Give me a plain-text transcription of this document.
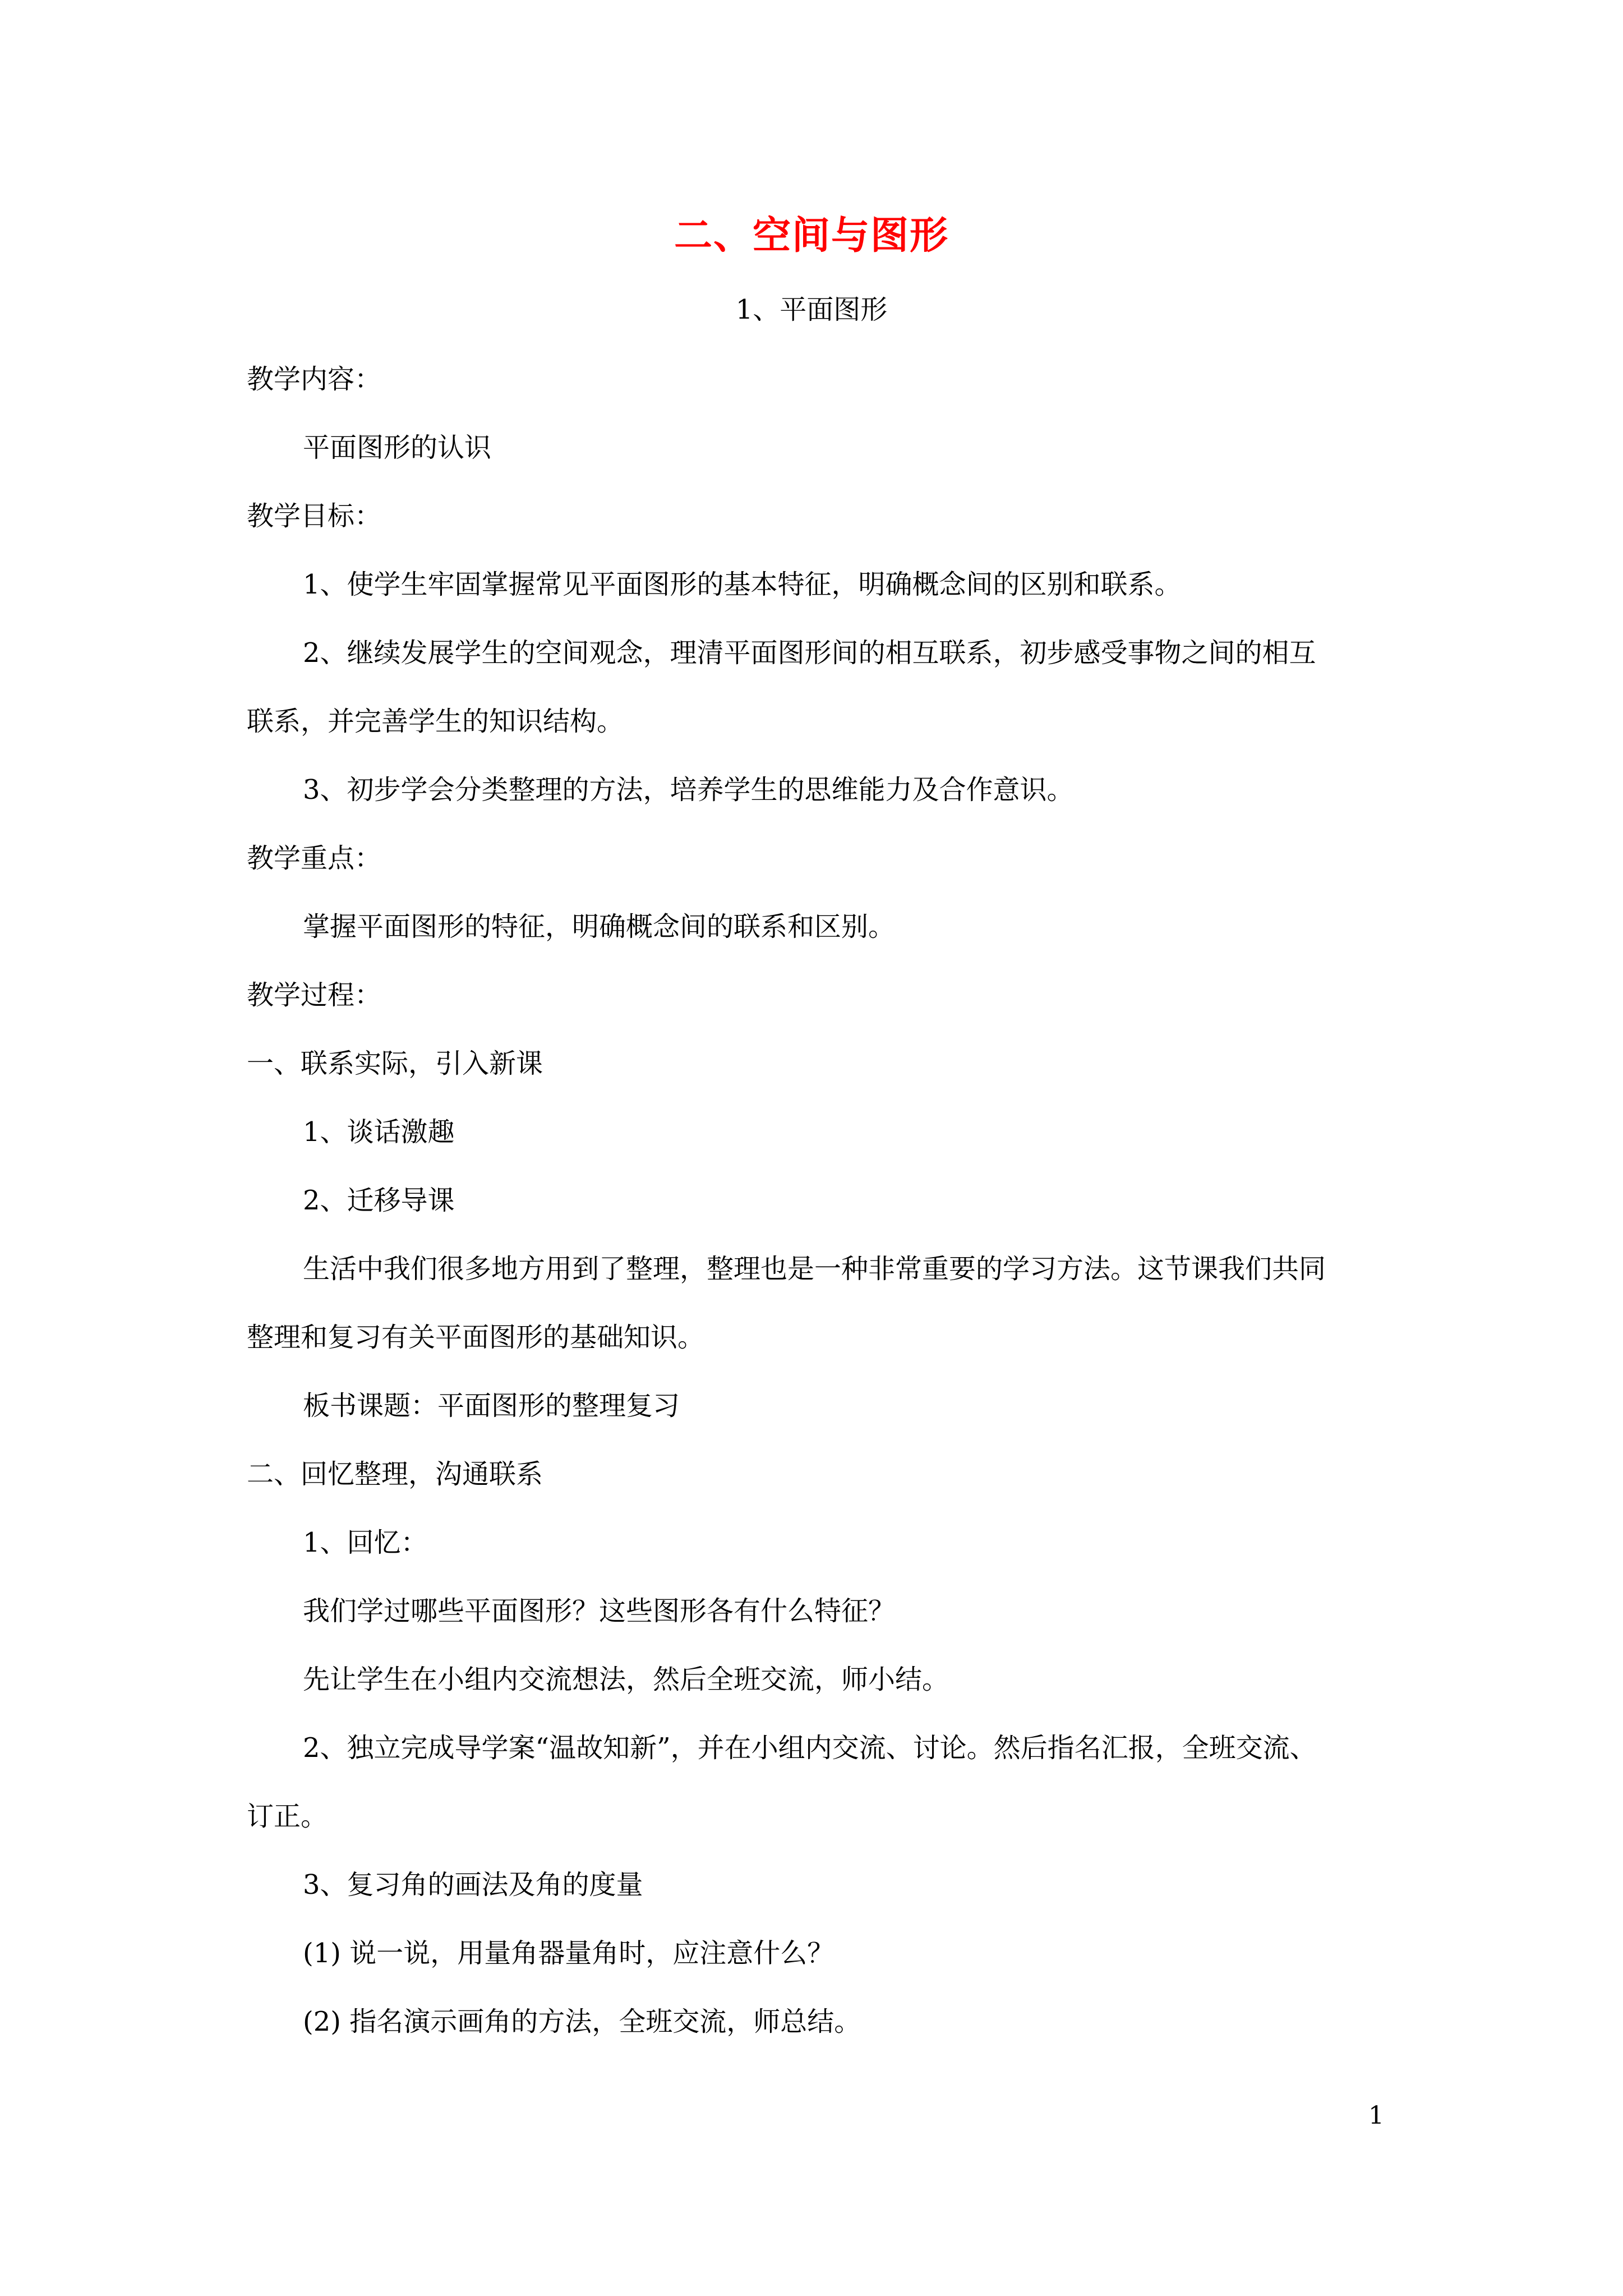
二、空间与图形
1、平面图形
教学内容：
平面图形的认识
教学目标：
1、使学生牢固掌握常见平面图形的基本特征，明确概念间的区别和联系。
2、继续发展学生的空间观念，理清平面图形间的相互联系，初步感受事物之间的相互
联系，并完善学生的知识结构。
3、初步学会分类整理的方法，培养学生的思维能力及合作意识。
教学重点：
掌握平面图形的特征，明确概念间的联系和区别。
教学过程：
一、联系实际，引入新课
1、谈话激趣
2、迁移导课
生活中我们很多地方用到了整理，整理也是一种非常重要的学习方法。这节课我们共同
整理和复习有关平面图形的基础知识。
板书课题：平面图形的整理复习
二、回忆整理，沟通联系
1、回忆：
我们学过哪些平面图形？这些图形各有什么特征？
先让学生在小组内交流想法，然后全班交流，师小结。
2、独立完成导学案“温故知新”，并在小组内交流、讨论。然后指名汇报，全班交流、
订正。
3、复习角的画法及角的度量
(1) 说一说，用量角器量角时，应注意什么？
(2) 指名演示画角的方法，全班交流，师总结。
1
